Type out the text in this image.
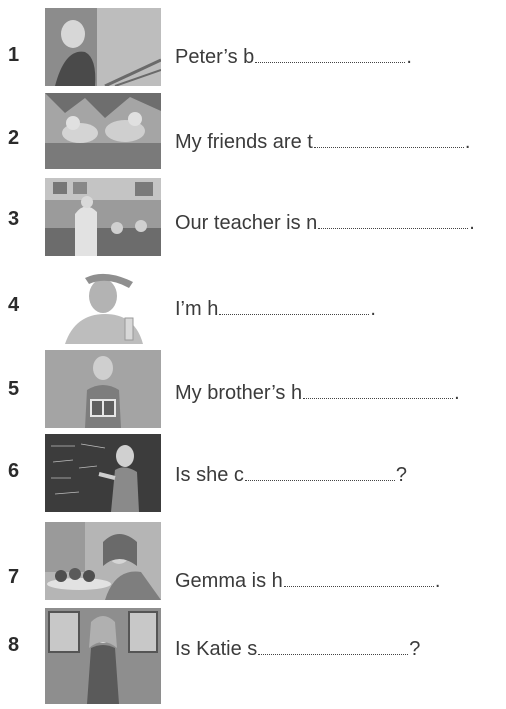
1	Peter’s b	.
2	My friends are t	.
3	Our teacher is n	.
4	I’m h	.
5	My brother’s h	.
6	Is she c	?
7	Gemma is h	.
8	Is Katie s	?
